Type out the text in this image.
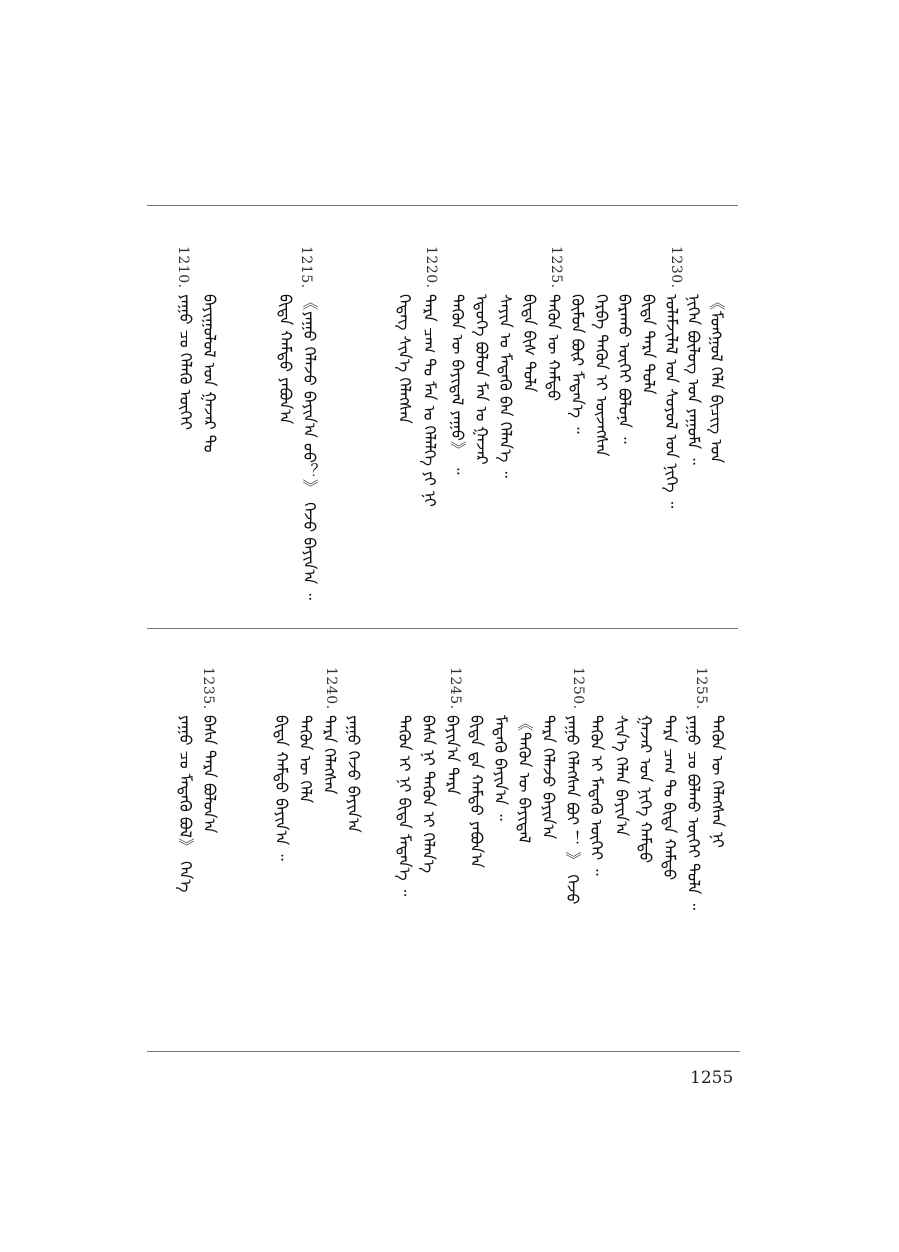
1230.
1225.
1220.
1215.
1210.
《ᠮᠣᠩᠭᠣᠯ ᠬᠡᠯᠡ ᠪᠢᠴᠢᠭ ᠤᠨ
ᠨᠢᠭᠡᠨ ᠪᠦᠯᠦᠭ ᠤᠨ ᠶᠠᠭᠤᠮᠠ ᠃
ᠤᠯᠠᠮᠵᠢᠯᠠᠯ ᠤᠨ ᠰᠤᠶᠤᠯ ᠤᠨ ᠨᠢᠭᠡ ᠃
ᠪᠢᠳᠡ ᠲᠡᠷᠡ ᠲᠤᠯᠠ
ᠪᠠᠷᠠᠬᠤ ᠦᠭᠡᠢ ᠪᠣᠯᠤᠨᠠ ᠃
ᠬᠡᠷᠪᠡ ᠲᠡᠭᠦᠨ ᠢ ᠦᠵᠡᠭᠰᠡᠨ
ᠬᠦᠮᠦᠨ ᠪᠦᠷ ᠮᠡᠳᠡᠨ᠎ᠡ ᠃
ᠲᠡᠭᠦᠨ ᠦ ᠬᠠᠮᠲᠤ
ᠪᠢᠳᠡ ᠪᠢᠰ ᠲᠤᠯᠠ
ᠰᠠᠶᠢᠨ ᠤ ᠮᠡᠳᠡᠬᠦ ᠪᠠᠨ ᠬᠡᠯᠡᠨ᠎ᠡ ᠃
ᠡᠳᠦᠭᠡ ᠪᠣᠯᠤᠨ ᠮᠠᠨ ᠤ ᠭᠠᠵᠠᠷ
ᠲᠡᠭᠦᠨ ᠦ ᠪᠠᠶᠢᠳᠠᠯ ᠶᠠᠭᠤ》 ᠃
ᠲᠡᠷᠡ ᠴᠠᠭ ᠲᠤ ᠮᠠᠨ ᠤ ᠬᠡᠯᠡᠯᠭᠡ ᠶᠢ ᠨᠢ
ᠭᠡᠳᠡᠭ ᠰᠢᠨ᠎ᠡ ᠬᠡᠯᠡᠭᠰᠡᠨ
《ᠶᠠᠭᠤ ᠬᠡᠯᠡᠵᠦ ᠪᠠᠶᠢᠨ᠎ᠠ ᠤᠤ？》 ᠭᠡᠵᠦ ᠪᠠᠶᠢᠨ᠎ᠠ ᠃
ᠪᠢᠳᠡ ᠬᠠᠮᠲᠤ ᠶᠠᠪᠤᠨ᠎ᠠ
ᠪᠠᠶᠢᠭᠤᠯᠤᠯ ᠤᠨ ᠭᠠᠵᠠᠷ ᠲᠤ
ᠶᠠᠭᠤ ᠴᠤ ᠬᠡᠯᠡᠬᠦ ᠦᠭᠡᠢ
1255.
1250.
1245.
1240.
1235.
ᠲᠡᠭᠦᠨ ᠦ ᠬᠡᠯᠡᠭᠰᠡᠨ ᠨᠢ
ᠶᠠᠭᠤ ᠴᠤ ᠪᠣᠯᠬᠤ ᠦᠭᠡᠢ ᠲᠤᠯᠠ ᠃
ᠲᠡᠷᠡ ᠴᠠᠭ ᠲᠤ ᠪᠢᠳᠡ ᠬᠠᠮᠲᠤ
ᠭᠠᠵᠠᠷ ᠤᠨ ᠨᠢᠭᠡ ᠬᠠᠮᠲᠤ
ᠰᠢᠨ᠎ᠡ ᠬᠡᠯᠡᠨ ᠪᠠᠶᠢᠨ᠎ᠠ
ᠲᠡᠭᠦᠨ ᠢ ᠮᠡᠳᠡᠬᠦ ᠦᠭᠡᠢ ᠃
ᠶᠠᠭᠤ ᠬᠡᠯᠡᠭᠰᠡᠨ ᠪᠤᠢ ！ 》 ᠭᠡᠵᠦ
ᠲᠡᠷᠡ ᠬᠡᠯᠡᠵᠦ ᠪᠠᠶᠢᠨ᠎ᠠ
《ᠲᠡᠭᠦᠨ ᠦ ᠪᠠᠶᠢᠳᠠᠯ
ᠮᠡᠳᠡᠬᠦ ᠪᠠᠶᠢᠨ᠎ᠠ ᠃
ᠪᠢᠳᠡ ᠳᠠ ᠬᠠᠮᠲᠤ ᠶᠠᠪᠤᠨ᠎ᠠ
ᠪᠠᠶᠢᠨ᠎ᠠ ᠲᠡᠷᠡ
ᠪᠠᠰᠠ ᠨᠢ ᠲᠡᠭᠦᠨ ᠢ ᠬᠡᠯᠡᠨ᠎ᠡ
ᠲᠡᠭᠦᠨ ᠢ ᠨᠢ ᠪᠢᠳᠡ ᠮᠡᠳᠡᠨ᠎ᠡ ᠃
ᠶᠠᠭᠤ ᠭᠡᠵᠦ ᠪᠠᠶᠢᠨ᠎ᠠ
ᠲᠡᠷᠡ ᠬᠡᠯᠡᠭᠰᠡᠨ
ᠲᠡᠭᠦᠨ ᠦ ᠬᠡᠯᠡ
ᠪᠢᠳᠡ ᠬᠠᠮᠲᠤ ᠪᠠᠶᠢᠨ᠎ᠠ ᠃
ᠪᠠᠰᠠ ᠲᠡᠷᠡ ᠪᠣᠯᠤᠨ᠎ᠠ
ᠶᠠᠭᠤ ᠴᠤ ᠮᠡᠳᠡᠬᠦ ᠪᠣᠯ》 ᠭᠡᠨ᠎ᠡ
1255
